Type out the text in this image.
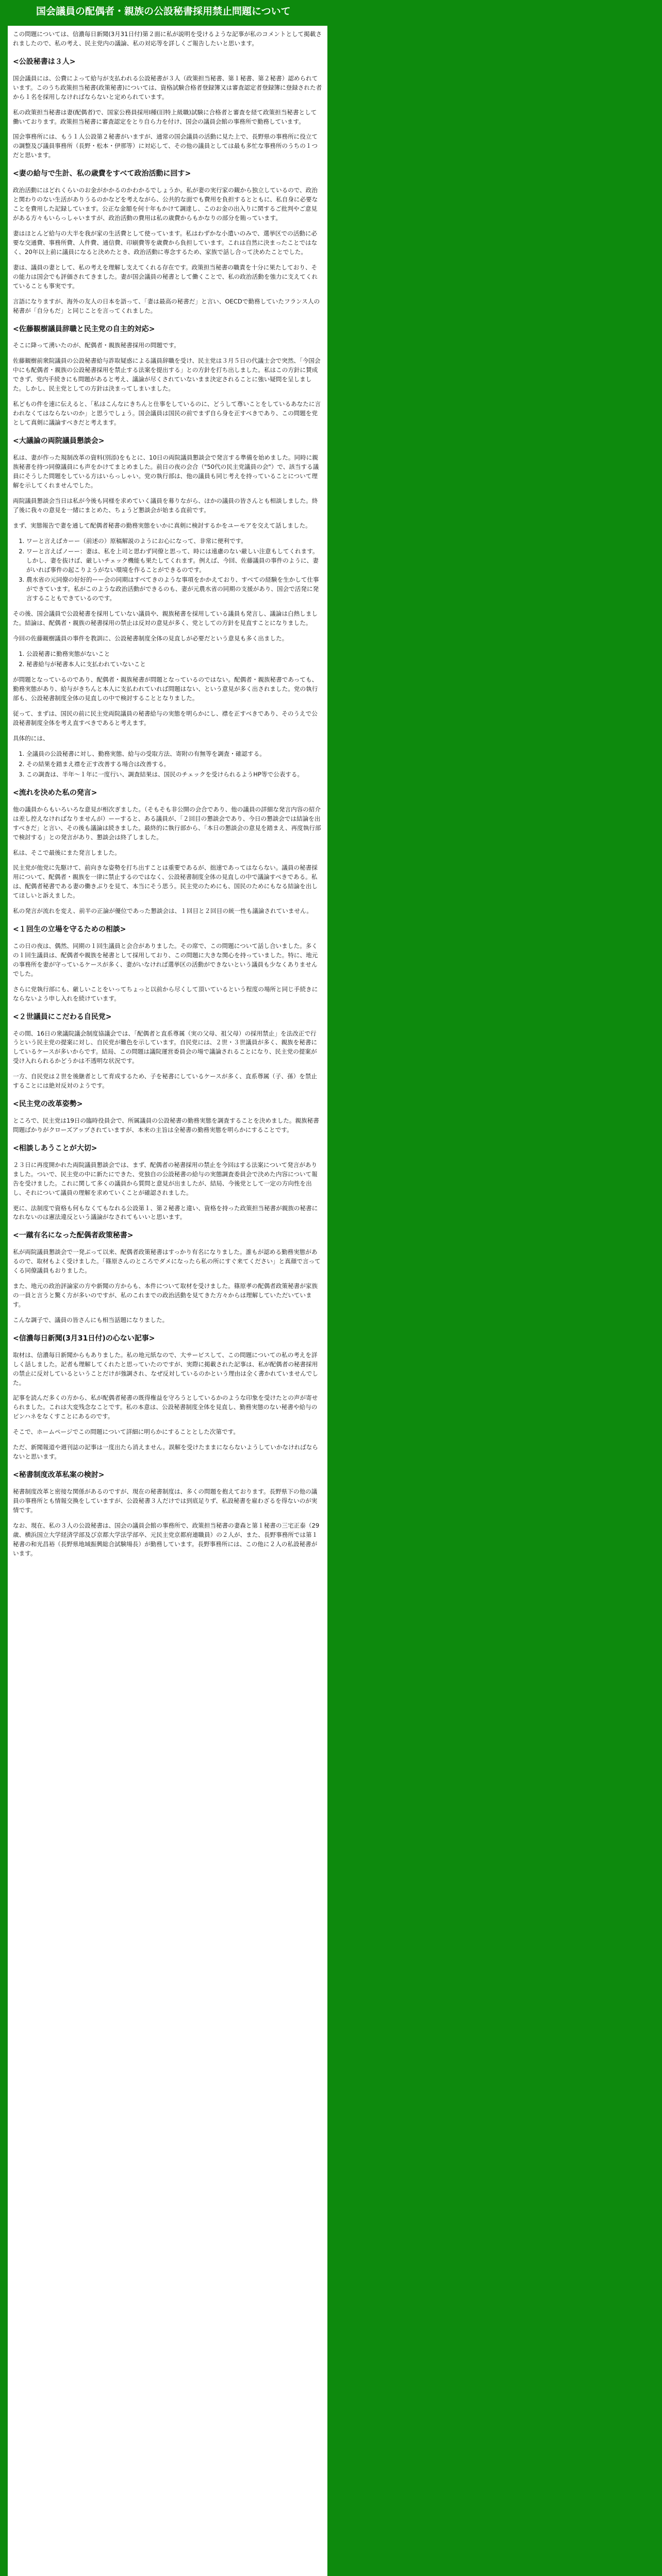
国会議員の配偶者・親族の公設秘書採用禁止問題について

この問題については、信濃毎日新聞(3月31日付)第２面に私が説明を受けるような記事が私のコメントとして掲載されましたので、私の考え、民主党内の議論、私の対応等を詳しくご報告したいと思います。

<公設秘書は３人>

国会議員には、公費によって給与が支払われる公設秘書が３人（政策担当秘書、第１秘書、第２秘書）認められています。このうち政策担当秘書(政策秘書)については、資格試験合格者登録簿又は審査認定者登録簿に登録された者から１名を採用しなければならないと定められています。

私の政策担当秘書は妻(配偶者)で、国家公務員採用I種(旧特上級職)試験に合格者と審査を経て政策担当秘書として働いております。政策担当秘書に審査認定をとり自ら力を付け、国会の議員会館の事務所で勤務しています。

国会事務所には、もう１人公設第２秘書がいますが、通常の国会議員の活動に見た上で、長野県の事務所に役立ての調整及び議員事務所（長野・松本・伊那等）に対応して、その他の議員としては最も多忙な事務所のうちの１つだと思います。

<妻の給与で生計、私の歳費をすべて政治活動に回す>

政治活動にはどれくらいのお金がかかるのかわかるでしょうか。私が妻の実行家の観から独立しているので、政治と関わりのない生活がありうるのかなどを考えながら、公共的な面でも費用を負担するとともに、私自身に必要なことを費用した記録しています。公正な金額を何十年もかけて調達し、このお金の出入りに関するご批判やご意見がある方々もいらっしゃいますが、政治活動の費用は私の歳費からもかなりの部分を賄っています。

妻はほとんど給与の大半を我が家の生活費として使っています。私はわずかな小遣いのみで、選挙区での活動に必要な交通費、事務所費、人件費、通信費、印刷費等を歳費から負担しています。これは自然に決まったことではなく、20年以上前に議員になると決めたとき、政治活動に専念するため、家族で話し合って決めたことでした。

妻は、議員の妻として、私の考えを理解し支えてくれる存在です。政策担当秘書の職責を十分に果たしており、その能力は国会でも評価されてきました。妻が国会議員の秘書として働くことで、私の政治活動を強力に支えてくれていることも事実です。

言語になりますが、海外の友人の日本を語って、「妻は最高の秘書だ」と言い、OECDで勤務していたフランス人の秘書が「自分もだ」と同じことを言ってくれました。

<佐藤観樹議員辞職と民主党の自主的対応>

そこに降って湧いたのが、配偶者・親族秘書採用の問題です。

佐藤観樹前衆院議員の公設秘書給与詐取疑惑による議員辞職を受け、民主党は３月５日の代議士会で突然、「今国会中にも配偶者・親族の公設秘書採用を禁止する法案を提出する」との方針を打ち出しました。私はこの方針に賛成できず、党内手続きにも問題があると考え、議論が尽くされていないまま決定されることに強い疑問を呈しました。しかし、民主党としての方針は決まってしまいました。

私どもの件を速に伝えると、「私はこんなにきちんと仕事をしているのに、どうして尊いことをしているあなたに言われなくてはならないのか」と思うでしょう。国会議員は国民の前でまず自ら身を正すべきであり、この問題を党として真剣に議論すべきだと考えます。

<大議論の両院議員懇談会>

私は、妻が作った規制改革の資料(別添)をもとに、10日の両院議員懇談会で発言する準備を始めました。同時に親族秘書を持つ同僚議員にも声をかけてまとめました。前日の夜の会合（"50代の民主党議員の会"）で、該当する議員にそうした問題をしている方はいらっしゃい。党の執行部は、他の議員も同じ考えを持っていることについて理解を示してくれませんでした。

両院議員懇談会当日は私が今後も同様を求めていく議員を募りながら、ほかの議員の皆さんとも相談しました。終了後に我々の意見を一緒にまとめた、ちょうど懇談会が始まる直前です。

まず、実態報告で妻を通して配偶者秘書の勤務実態をいかに真剣に検討するかをユーモアを交えて話しました。

1. ワーと言えばカーー（前述の）原稿解説のようにお心になって、非常に便利です。
2. ワーと言えばノーー：妻は、私を上司と思わず同僚と思って、時には遠慮のない厳しい注意もしてくれます。しかし、妻を抜けば、厳しいチェック機能も果たしてくれます。例えば、今回、佐藤議員の事件のように、妻がいれば事件の起こりようがない環境を作ることができるのです。
3. 農水省の元同僚の好好的ーー会の同期はすべてきのような事項をかかえており、すべての経験を生かして仕事ができています。私がこのような政治活動ができるのも、妻が元農水省の同期の支援があり、国会で活発に発言することもできているのです。

その後、国会議員で公設秘書を採用していない議員や、親族秘書を採用している議員も発言し、議論は白熱しました。結論は、配偶者・親族の秘書採用の禁止は反対の意見が多く、党としての方針を見直すことになりました。

今回の佐藤観樹議員の事件を教訓に、公設秘書制度全体の見直しが必要だという意見も多く出ました。

1. 公設秘書に勤務実態がないこと
2. 秘書給与が秘書本人に支払われていないこと

が問題となっているのであり、配偶者・親族秘書が問題となっているのではない。配偶者・親族秘書であっても、勤務実態があり、給与がきちんと本人に支払われていれば問題はない、という意見が多く出されました。党の執行部も、公設秘書制度全体の見直しの中で検討することとなりました。

従って、まずは、国民の前に民主党両院議員の秘書給与の実態を明らかにし、襟を正すべきであり、そのうえで公設秘書制度全体を考え直すべきであると考えます。

具体的には、

1. 全議員の公設秘書に対し、勤務実態、給与の受取方法、寄附の有無等を調査・確認する。
2. その結果を踏まえ襟を正す改善する場合は改善する。
3. この調査は、半年〜１年に一度行い、調査結果は、国民のチェックを受けられるようHP等で公表する。
<流れを決めた私の発言>

他の議員からもいろいろな意見が相次ぎました。（そもそも非公開の会合であり、他の議員の詳細な発言内容の紹介は差し控えなければなりませんが）ーーすると、ある議員が、「２回目の懇談会であり、今日の懇談会では結論を出すべきだ」と言い、その後も議論は続きました。最終的に執行部から、「本日の懇談会の意見を踏まえ、再度執行部で検討する」との発言があり、懇談会は終了しました。

私は、そこで最後にまた発言しました。

民主党が他党に先駆けて、前向きな姿勢を打ち出すことは重要であるが、拙速であってはならない。議員の秘書採用について、配偶者・親族を一律に禁止するのではなく、公設秘書制度全体の見直しの中で議論すべきである。私は、配偶者秘書である妻の働きぶりを見て、本当にそう思う。民主党のためにも、国民のためにもなる結論を出してほしいと訴えました。

私の発言が流れを変え、前半の正論が優位であった懇談会は、１回目と２回目の統一性も議論されていません。

<１回生の立場を守るための相談>

この日の夜は、偶然、同期の１回生議員と会合がありました。その席で、この問題について話し合いました。多くの１回生議員は、配偶者や親族を秘書として採用しており、この問題に大きな関心を持っていました。特に、地元の事務所を妻が守っているケースが多く、妻がいなければ選挙区の活動ができないという議員も少なくありませんでした。

さらに党執行部にも、厳しいことをいってちょっと以前から尽くして頂いているという程度の場所と同じ手続きにならないよう申し入れを続けています。

<２世議員にこだわる自民党>

その間、16日の衆議院議会制度協議会では、「配偶者と直系尊属（実の父母、祖父母）の採用禁止」を法改正で行うという民主党の提案に対し、自民党が難色を示しています。自民党には、２世・３世議員が多く、親族を秘書にしているケースが多いからです。結局、この問題は議院運営委員会の場で議論されることになり、民主党の提案が受け入れられるかどうかは不透明な状況です。

一方、自民党は２世を後継者として育成するため、子を秘書にしているケースが多く、直系尊属（子、孫）を禁止することには絶対反対のようです。

<民主党の改革姿勢>

ところで、民主党は19日の臨時役員会で、所属議員の公設秘書の勤務実態を調査することを決めました。親族秘書問題ばかりがクローズアップされていますが、本来の主旨は全秘書の勤務実態を明らかにすることです。

<相談しあうことが大切>

２３日に再度開かれた両院議員懇談会では、まず、配偶者の秘書採用の禁止を今回はする法案について発言がありました。ついで、民主党の中に新たにできた、党独自の公設秘書の給与の実態調査委員会で決めた内容について報告を受けました。これに関して多くの議員から質問と意見が出ましたが、結局、今後党として一定の方向性を出し、それについて議員の理解を求めていくことが確認されました。

更に、法制度で資格も何もなくてもなれる公設第１、第２秘書と違い、資格を持った政策担当秘書が親族の秘書になれないのは憲法違反という議論がなされてもいいと思います。

<一蹴有名になった配偶者政策秘書>

私が両院議員懇談会で一発ぶって以来、配偶者政策秘書はすっかり有名になりました。誰もが認める勤務実態があるので、取材もよく受けました。「篠原さんのところでダメになったら私の所にすぐ来てください」と真顔で言ってくる同僚議員もおりました。

また、地元の政治評論家の方や新聞の方からも、本件について取材を受けました。篠原孝の配偶者政策秘書が家族の一員と言うと驚く方が多いのですが、私のこれまでの政治活動を見てきた方々からは理解していただいています。

こんな調子で、議員の皆さんにも相当話題になりました。

<信濃毎日新聞(3月31日付)の心ない記事>

取材は、信濃毎日新聞からもありました。私の地元紙なので、大サービスして、この問題についての私の考えを詳しく話しました。記者も理解してくれたと思っていたのですが、実際に掲載された記事は、私が配偶者の秘書採用の禁止に反対しているということだけが強調され、なぜ反対しているのかという理由は全く書かれていませんでした。

記事を読んだ多くの方から、私が配偶者秘書の既得権益を守ろうとしているかのような印象を受けたとの声が寄せられました。これは大変残念なことです。私の本意は、公設秘書制度全体を見直し、勤務実態のない秘書や給与のピンハネをなくすことにあるのです。

そこで、ホームページでこの問題について詳細に明らかにすることとした次第です。

ただ、新聞報道や週刊誌の記事は一度出たら消えません。誤解を受けたままにならないようしていかなければならないと思います。

<秘書制度改革私案の検討>

秘書制度改革と密接な関係があるのですが、現在の秘書制度は、多くの問題を抱えております。長野県下の他の議員の事務所とも情報交換をしていますが、公設秘書３人だけでは到底足りず、私設秘書を雇わざるを得ないのが実情です。

なお、現在、私の３人の公設秘書は、国会の議員会館の事務所で、政策担当秘書の妻森と第１秘書の三宅正泰（29歳、横浜国立大学経済学部及び京都大学法学部卒、元民主党京都府連職員）の２人が、また、長野事務所では第１秘書の和光昌裕（長野県地域振興総合試験場長）が勤務しています。長野事務所には、この他に２人の私設秘書がいます。
